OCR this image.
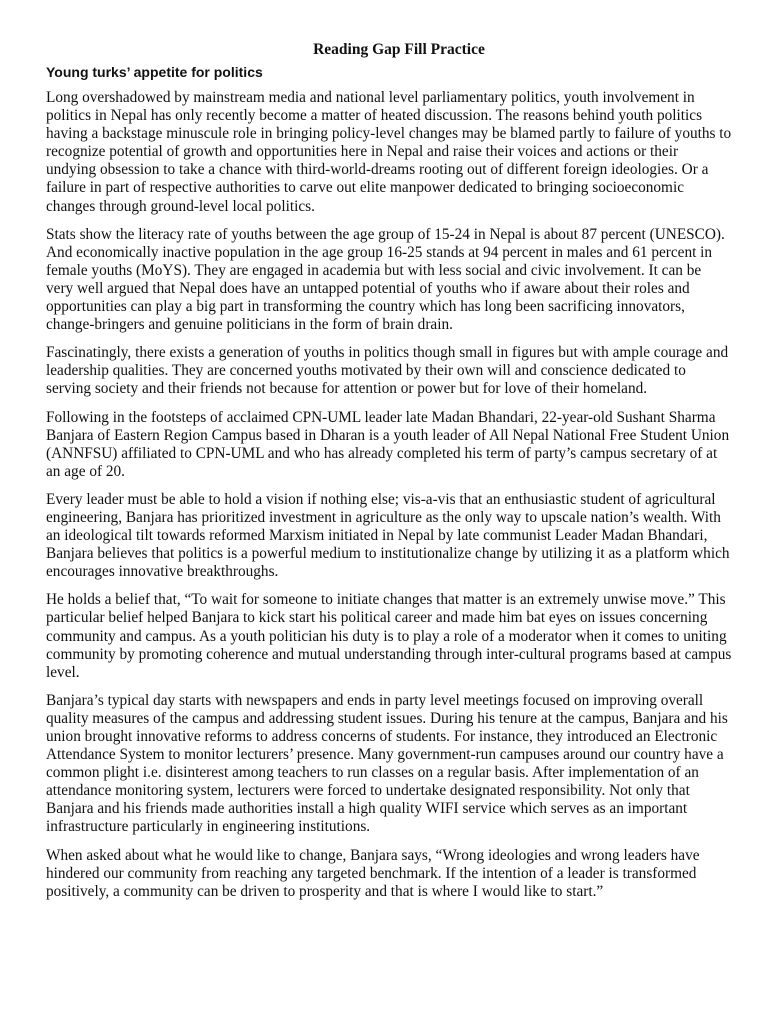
Reading Gap Fill Practice
Young turks’ appetite for politics

Long overshadowed by mainstream media and national level parliamentary politics, youth involvement in politics in Nepal has only recently become a matter of heated discussion. The reasons behind youth politics having a backstage minuscule role in bringing policy-level changes may be blamed partly to failure of youths to recognize potential of growth and opportunities here in Nepal and raise their voices and actions or their undying obsession to take a chance with third-world-dreams rooting out of different foreign ideologies. Or a failure in part of respective authorities to carve out elite manpower dedicated to bringing socioeconomic changes through ground-level local politics.

Stats show the literacy rate of youths between the age group of 15-24 in Nepal is about 87 percent (UNESCO). And economically inactive population in the age group 16-25 stands at 94 percent in males and 61 percent in female youths (MoYS). They are engaged in academia but with less social and civic involvement. It can be very well argued that Nepal does have an untapped potential of youths who if aware about their roles and opportunities can play a big part in transforming the country which has long been sacrificing innovators, change-bringers and genuine politicians in the form of brain drain.

Fascinatingly, there exists a generation of youths in politics though small in figures but with ample courage and leadership qualities. They are concerned youths motivated by their own will and conscience dedicated to serving society and their friends not because for attention or power but for love of their homeland.

Following in the footsteps of acclaimed CPN-UML leader late Madan Bhandari, 22-year-old Sushant Sharma Banjara of Eastern Region Campus based in Dharan is a youth leader of All Nepal National Free Student Union (ANNFSU) affiliated to CPN-UML and who has already completed his term of party’s campus secretary of at an age of 20.

Every leader must be able to hold a vision if nothing else; vis-a-vis that an enthusiastic student of agricultural engineering, Banjara has prioritized investment in agriculture as the only way to upscale nation’s wealth. With an ideological tilt towards reformed Marxism initiated in Nepal by late communist Leader Madan Bhandari, Banjara believes that politics is a powerful medium to institutionalize change by utilizing it as a platform which encourages innovative breakthroughs.

He holds a belief that, “To wait for someone to initiate changes that matter is an extremely unwise move.” This particular belief helped Banjara to kick start his political career and made him bat eyes on issues concerning community and campus. As a youth politician his duty is to play a role of a moderator when it comes to uniting community by promoting coherence and mutual understanding through inter-cultural programs based at campus level.

Banjara’s typical day starts with newspapers and ends in party level meetings focused on improving overall quality measures of the campus and addressing student issues. During his tenure at the campus, Banjara and his union brought innovative reforms to address concerns of students. For instance, they introduced an Electronic Attendance System to monitor lecturers’ presence. Many government-run campuses around our country have a common plight i.e. disinterest among teachers to run classes on a regular basis. After implementation of an attendance monitoring system, lecturers were forced to undertake designated responsibility. Not only that Banjara and his friends made authorities install a high quality WIFI service which serves as an important infrastructure particularly in engineering institutions.

When asked about what he would like to change, Banjara says, “Wrong ideologies and wrong leaders have hindered our community from reaching any targeted benchmark. If the intention of a leader is transformed positively, a community can be driven to prosperity and that is where I would like to start.”
